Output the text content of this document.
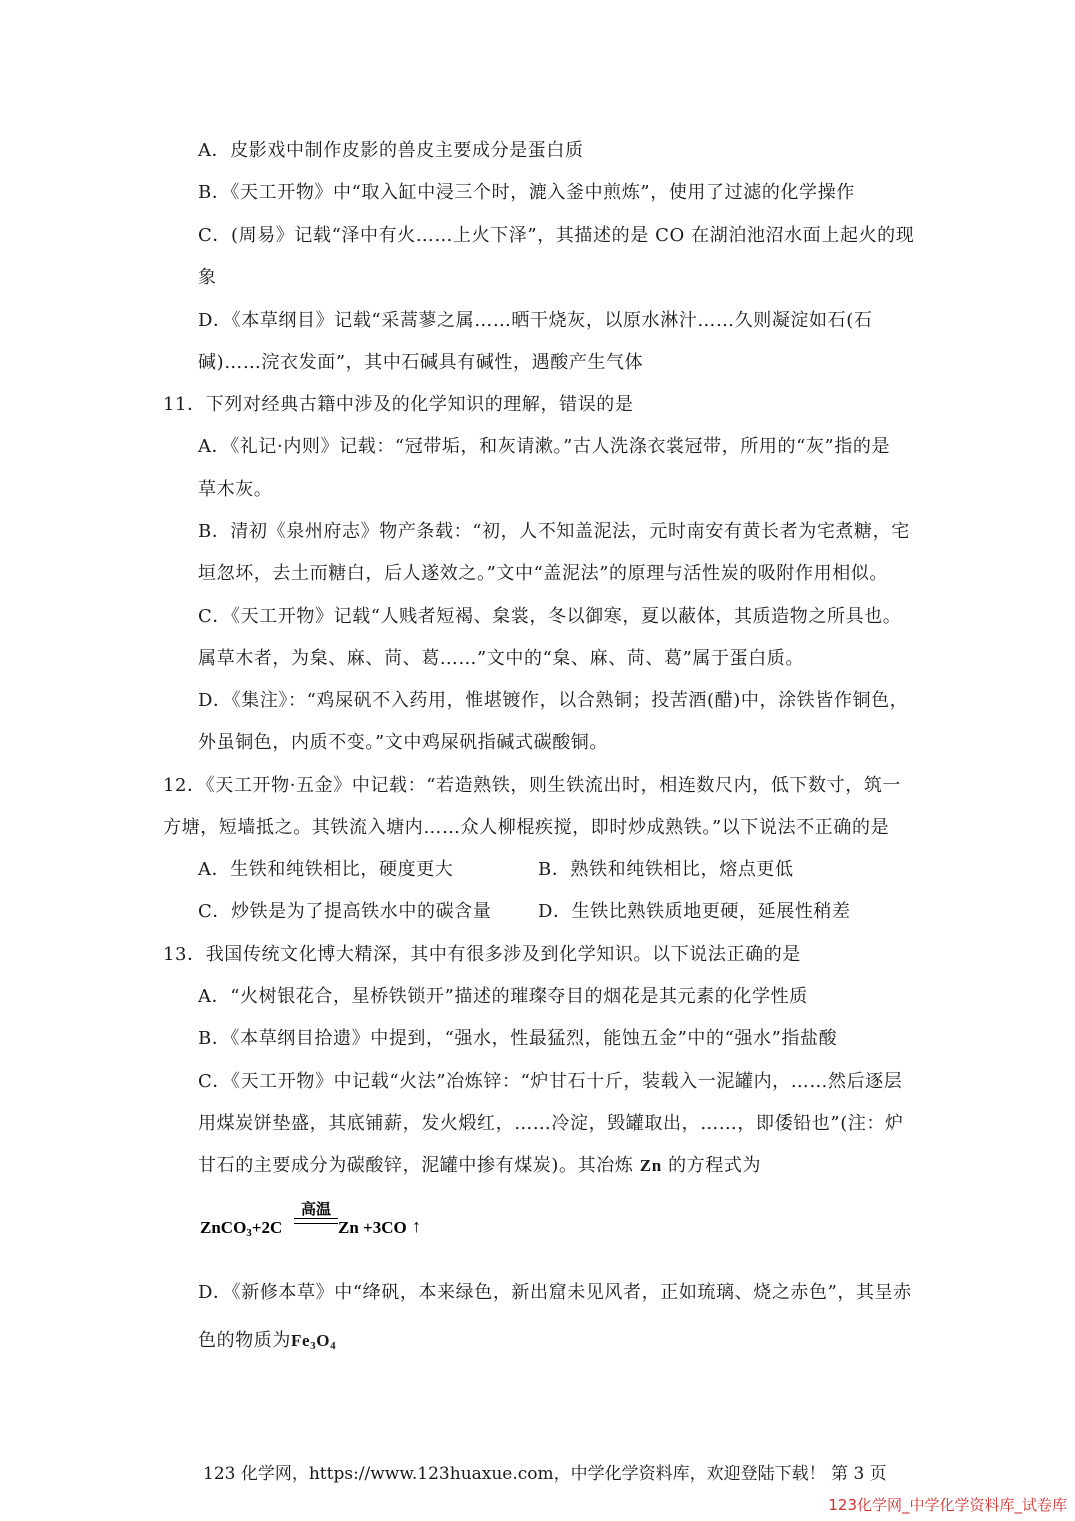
A．皮影戏中制作皮影的兽皮主要成分是蛋白质
B．《天工开物》中“取入缸中浸三个时，漉入釜中煎炼”，使用了过滤的化学操作
C．(周易》记载“泽中有火……上火下泽”，其描述的是 CO 在湖泊池沼水面上起火的现
象
D．《本草纲目》记载“采蒿蓼之属……晒干烧灰，以原水淋汁……久则凝淀如石(石
碱)……浣衣发面”，其中石碱具有碱性，遇酸产生气体
11．下列对经典古籍中涉及的化学知识的理解，错误的是
A．《礼记·内则》记载：“冠带垢，和灰请漱。”古人洗涤衣裳冠带，所用的“灰”指的是
草木灰。
B．清初《泉州府志》物产条载：“初，人不知盖泥法，元时南安有黄长者为宅煮糖，宅
垣忽坏，去土而糖白，后人遂效之。”文中“盖泥法”的原理与活性炭的吸附作用相似。
C．《天工开物》记载“人贱者短褐、枲裳，冬以御寒，夏以蔽体，其质造物之所具也。
属草木者，为枲、麻、苘、葛……”文中的“枲、麻、苘、葛”属于蛋白质。
D．《集注》：“鸡屎矾不入药用，惟堪镀作，以合熟铜；投苦酒(醋)中，涂铁皆作铜色，
外虽铜色，内质不变。”文中鸡屎矾指碱式碳酸铜。
12．《天工开物·五金》中记载：“若造熟铁，则生铁流出时，相连数尺内，低下数寸，筑一
方塘，短墙抵之。其铁流入塘内……众人柳棍疾搅，即时炒成熟铁。”以下说法不正确的是
A．生铁和纯铁相比，硬度更大	B．熟铁和纯铁相比，熔点更低
C．炒铁是为了提高铁水中的碳含量	D．生铁比熟铁质地更硬，延展性稍差
13．我国传统文化博大精深，其中有很多涉及到化学知识。以下说法正确的是
A．“火树银花合，星桥铁锁开”描述的璀璨夺目的烟花是其元素的化学性质
B．《本草纲目拾遗》中提到，“强水，性最猛烈，能蚀五金”中的“强水”指盐酸
C．《天工开物》中记载“火法”冶炼锌：“炉甘石十斤，装载入一泥罐内，……然后逐层
用煤炭饼垫盛，其底铺薪，发火煅红，……冷淀，毁罐取出，……，即倭铅也”(注：炉
甘石的主要成分为碳酸锌，泥罐中掺有煤炭)。其冶炼 Zn 的方程式为
ZnCO$_3$+2C
高温
Zn +3CO ↑
D．《新修本草》中“绛矾，本来绿色，新出窟未见风者，正如琉璃、烧之赤色”，其呈赤
色的物质为$Fe_3O_4$
123 化学网，https://www.123huaxue.com，中学化学资料库，欢迎登陆下载！ 第 3 页
123化学网_中学化学资料库_试卷库
